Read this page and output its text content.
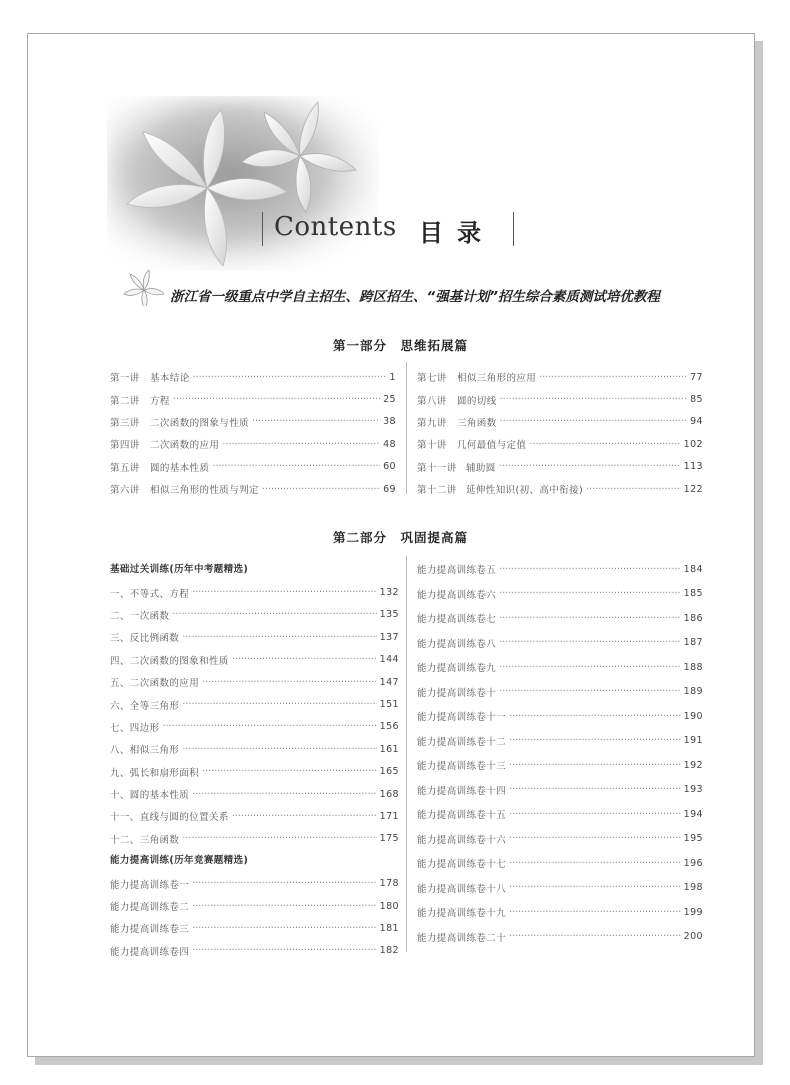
Contents 目录
浙江省一级重点中学自主招生、跨区招生、“强基计划”招生综合素质测试培优教程
第一部分　思维拓展篇
第一讲 基本结论 ·····	1
第二讲 方程 ·····	25
第三讲 二次函数的图象与性质 ·····	38
第四讲 二次函数的应用 ·····	48
第五讲 圆的基本性质 ·····	60
第六讲 相似三角形的性质与判定 ·····	69
第七讲 相似三角形的应用 ·····	77
第八讲 圆的切线 ·····	85
第九讲 三角函数 ·····	94
第十讲 几何最值与定值 ·····	102
第十一讲 辅助圆 ·····	113
第十二讲 延伸性知识(初、高中衔接) ·····	122
第二部分　巩固提高篇
基础过关训练(历年中考题精选)
一、不等式、方程 ·····	132
二、一次函数 ·····	135
三、反比例函数 ·····	137
四、二次函数的图象和性质 ·····	144
五、二次函数的应用 ·····	147
六、全等三角形 ·····	151
七、四边形 ·····	156
八、相似三角形 ·····	161
九、弧长和扇形面积 ·····	165
十、圆的基本性质 ·····	168
十一、直线与圆的位置关系 ·····	171
十二、三角函数 ·····	175
能力提高训练(历年竞赛题精选)
能力提高训练卷一 ·····	178
能力提高训练卷二 ·····	180
能力提高训练卷三 ·····	181
能力提高训练卷四 ·····	182
能力提高训练卷五 ·····	184
能力提高训练卷六 ·····	185
能力提高训练卷七 ·····	186
能力提高训练卷八 ·····	187
能力提高训练卷九 ·····	188
能力提高训练卷十 ·····	189
能力提高训练卷十一 ·····	190
能力提高训练卷十二 ·····	191
能力提高训练卷十三 ·····	192
能力提高训练卷十四 ·····	193
能力提高训练卷十五 ·····	194
能力提高训练卷十六 ·····	195
能力提高训练卷十七 ·····	196
能力提高训练卷十八 ·····	198
能力提高训练卷十九 ·····	199
能力提高训练卷二十 ·····	200
